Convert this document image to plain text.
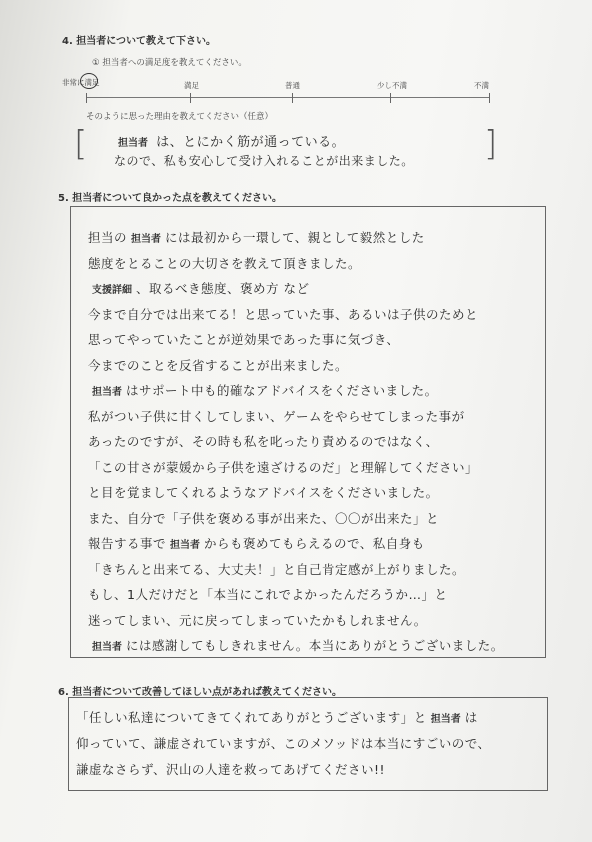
4. 担当者について教えて下さい。
① 担当者への満足度を教えてください。
非常に満足	満足	普通	少し不満	不満
そのように思った理由を教えてください（任意）
[	]
担当者 は、とにかく筋が通っている。
なので、私も安心して受け入れることが出来ました。
5. 担当者について良かった点を教えてください。
担当の 担当者 には最初から一環して、親として毅然とした
態度をとることの大切さを教えて頂きました。
支援詳細 、取るべき態度、褒め方 など
今まで自分では出来てる！と思っていた事、あるいは子供のためと
思ってやっていたことが逆効果であった事に気づき、
今までのことを反省することが出来ました。
担当者 はサポート中も的確なアドバイスをくださいました。
私がつい子供に甘くしてしまい、ゲームをやらせてしまった事が
あったのですが、その時も私を叱ったり責めるのではなく、
「この甘さが蒙媛から子供を遠ざけるのだ」と理解してください」
と目を覚ましてくれるようなアドバイスをくださいました。
また、自分で「子供を褒める事が出来た、〇〇が出来た」と
報告する事で 担当者 からも褒めてもらえるので、私自身も
「きちんと出来てる、大丈夫！」と自己肯定感が上がりました。
もし、1人だけだと「本当にこれでよかったんだろうか…」と
迷ってしまい、元に戻ってしまっていたかもしれません。
担当者 には感謝してもしきれません。本当にありがとうございました。
6. 担当者について改善してほしい点があれば教えてください。
「任しい私達についてきてくれてありがとうございます」と 担当者 は
仰っていて、謙虚されていますが、このメソッドは本当にすごいので、
謙虚なさらず、沢山の人達を救ってあげてください!!
